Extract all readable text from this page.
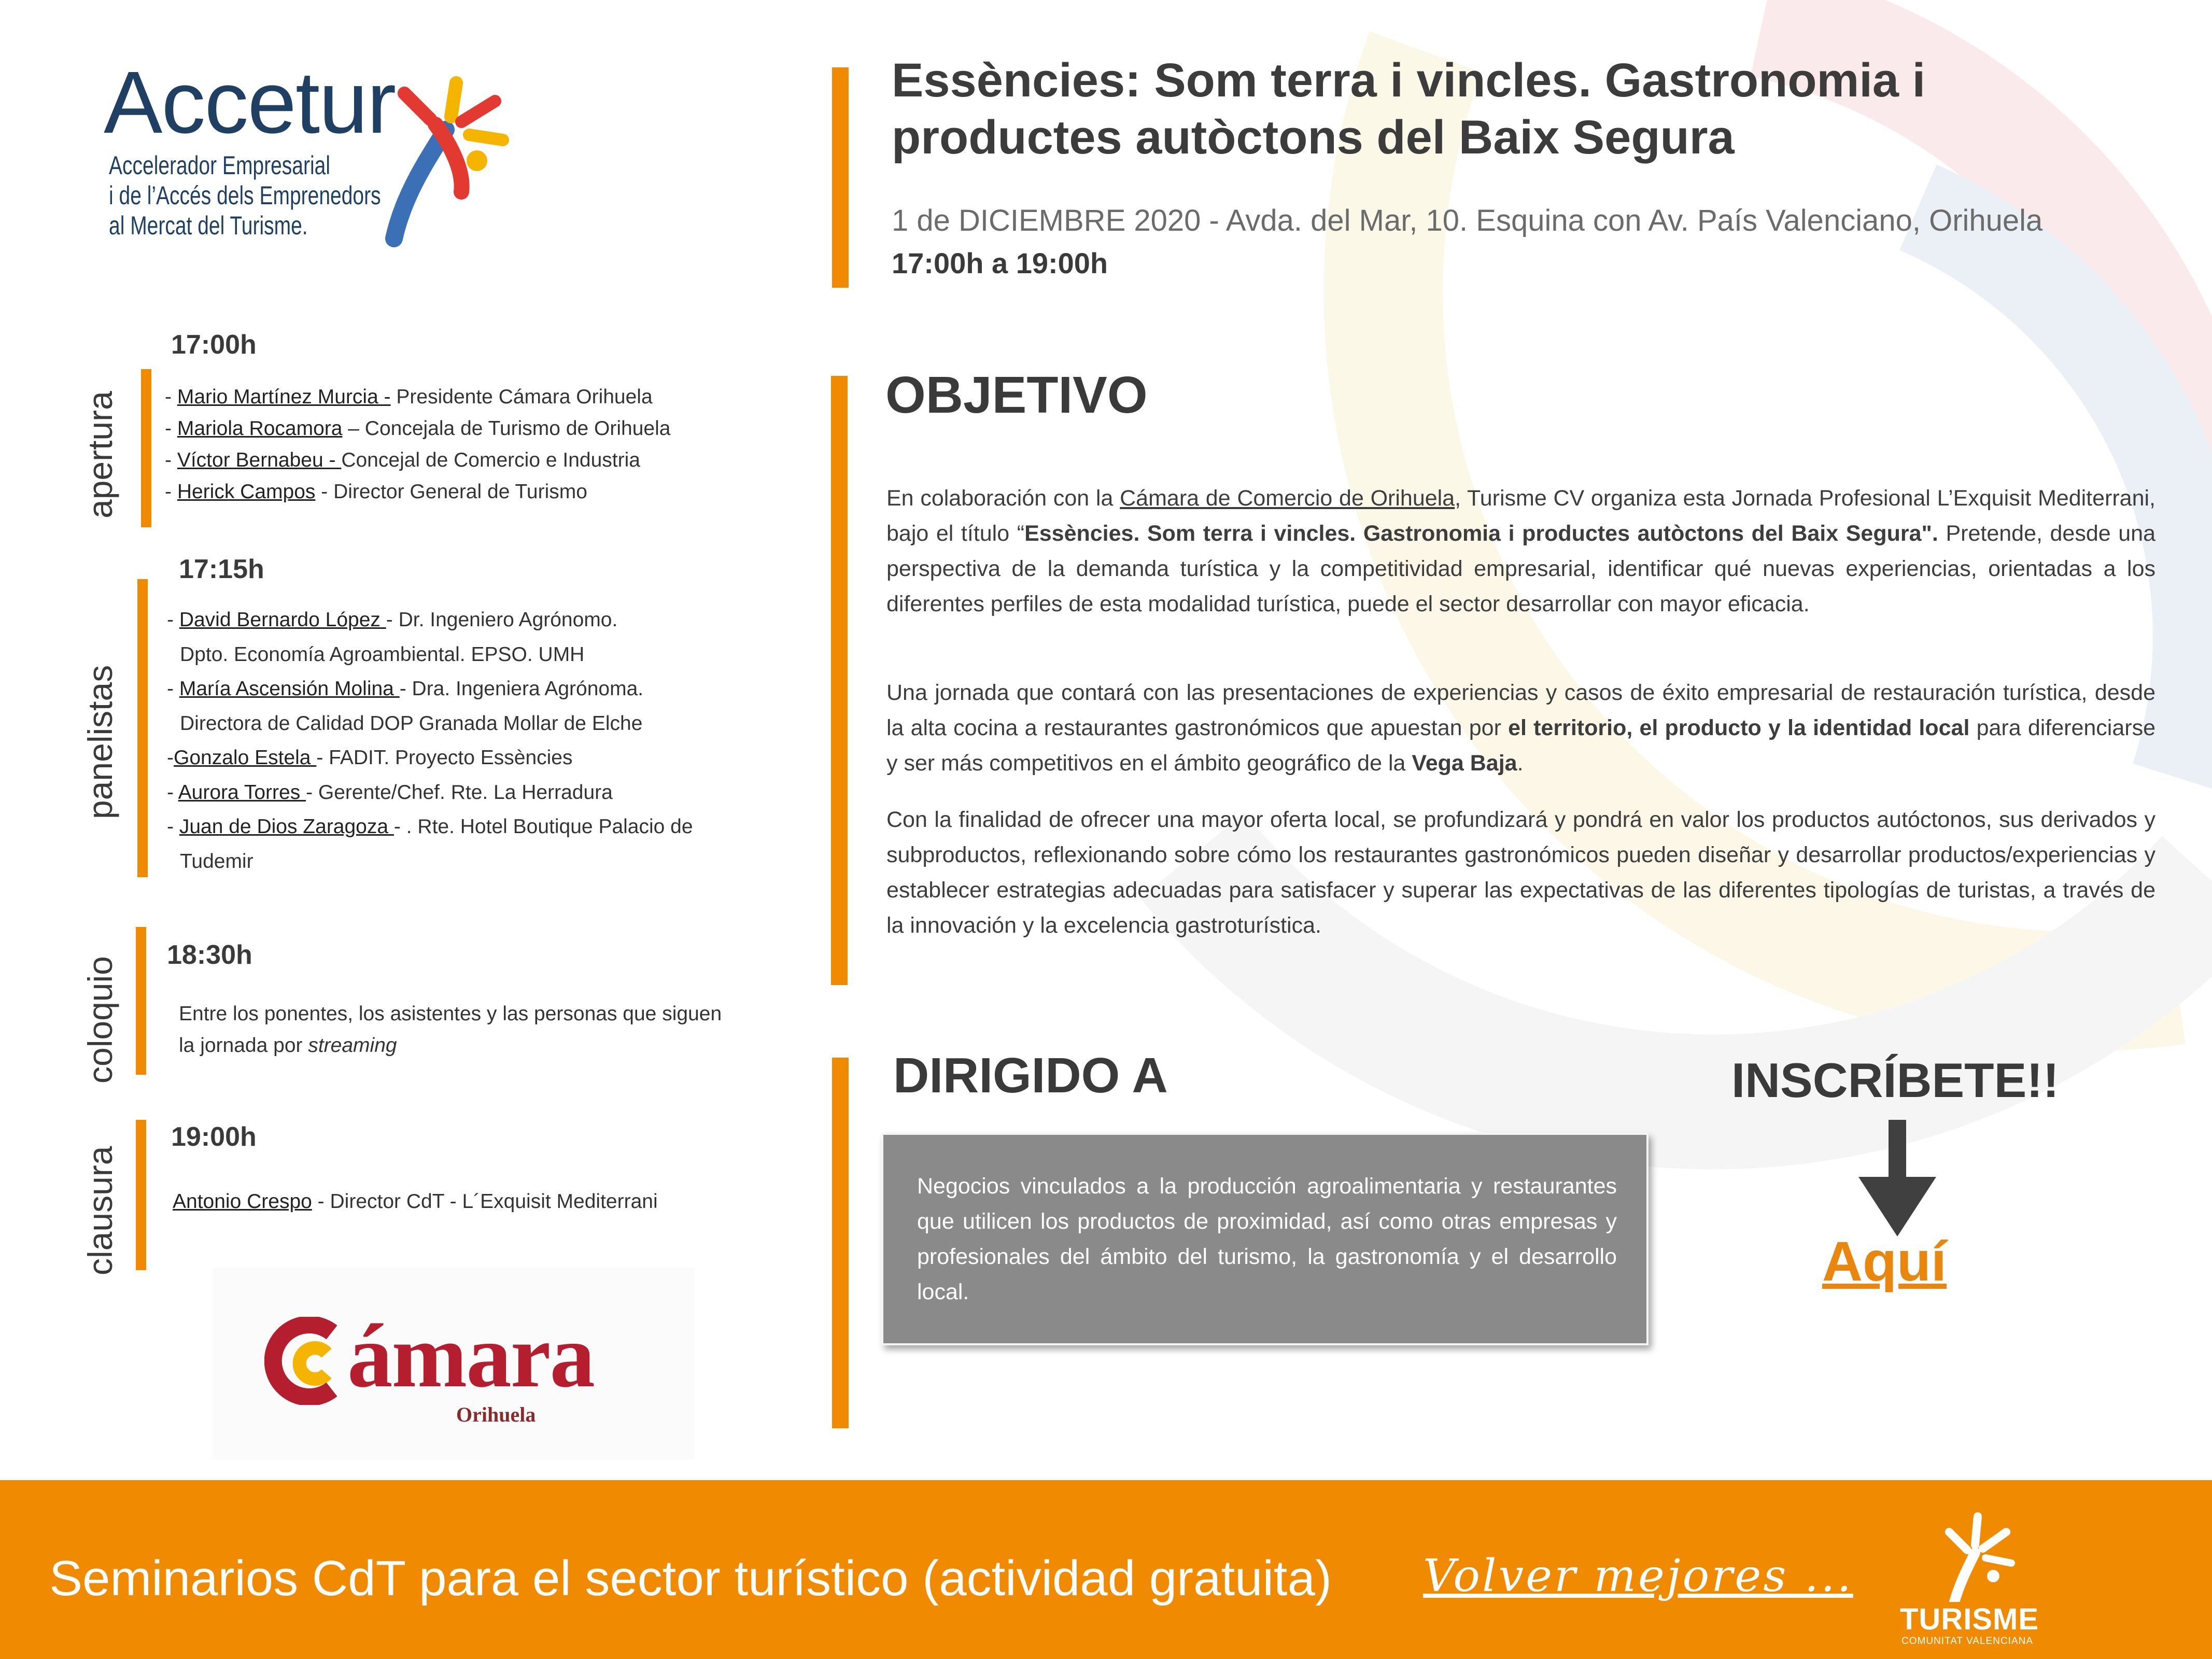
Accetur
Accelerador Empresarial
i de l’Accés dels Emprenedors
al Mercat del Turisme.
Essències: Som terra i vincles. Gastronomia i productes autòctons del Baix Segura
1 de DICIEMBRE 2020 - Avda. del Mar, 10. Esquina con Av. País Valenciano, Orihuela
17:00h a 19:00h
17:00h
apertura - Mario Martínez Murcia - Presidente Cámara Orihuela
- Mariola Rocamora – Concejala de Turismo de Orihuela
- Víctor Bernabeu - Concejal de Comercio e Industria
- Herick Campos - Director General de Turismo
17:15h
panelistas
- David Bernardo López - Dr. Ingeniero Agrónomo.
Dpto. Economía Agroambiental. EPSO. UMH
- María Ascensión Molina - Dra. Ingeniera Agrónoma.
Directora de Calidad DOP Granada Mollar de Elche
-Gonzalo Estela - FADIT. Proyecto Essències
- Aurora Torres - Gerente/Chef. Rte. La Herradura
- Juan de Dios Zaragoza - . Rte. Hotel Boutique Palacio de
Tudemir
18:30h
coloquio	Entre los ponentes, los asistentes y las personas que siguen la jornada por streaming
19:00h
clausura	Antonio Crespo - Director CdT - L´Exquisit Mediterrani
ámara
Orihuela
OBJETIVO

En colaboración con la Cámara de Comercio de Orihuela, Turisme CV organiza esta Jornada Profesional L’Exquisit Mediterrani, bajo el título “Essències. Som terra i vincles. Gastronomia i productes autòctons del Baix Segura". Pretende, desde una perspectiva de la demanda turística y la competitividad empresarial, identificar qué nuevas experiencias, orientadas a los diferentes perfiles de esta modalidad turística, puede el sector desarrollar con mayor eficacia.

Una jornada que contará con las presentaciones de experiencias y casos de éxito empresarial de restauración turística, desde la alta cocina a restaurantes gastronómicos que apuestan por el territorio, el producto y la identidad local para diferenciarse y ser más competitivos en el ámbito geográfico de la Vega Baja.

Con la finalidad de ofrecer una mayor oferta local, se profundizará y pondrá en valor los productos autóctonos, sus derivados y subproductos, reflexionando sobre cómo los restaurantes gastronómicos pueden diseñar y desarrollar productos/experiencias y establecer estrategias adecuadas para satisfacer y superar las expectativas de las diferentes tipologías de turistas, a través de la innovación y la excelencia gastroturística.

DIRIGIDO A
Negocios vinculados a la producción agroalimentaria y restaurantes que utilicen los productos de proximidad, así como otras empresas y profesionales del ámbito del turismo, la gastronomía y el desarrollo local.
INSCRÍBETE!!
Aquí
Seminarios CdT para el sector turístico (actividad gratuita) Volver mejores ...
TURISME
COMUNITAT VALENCIANA
